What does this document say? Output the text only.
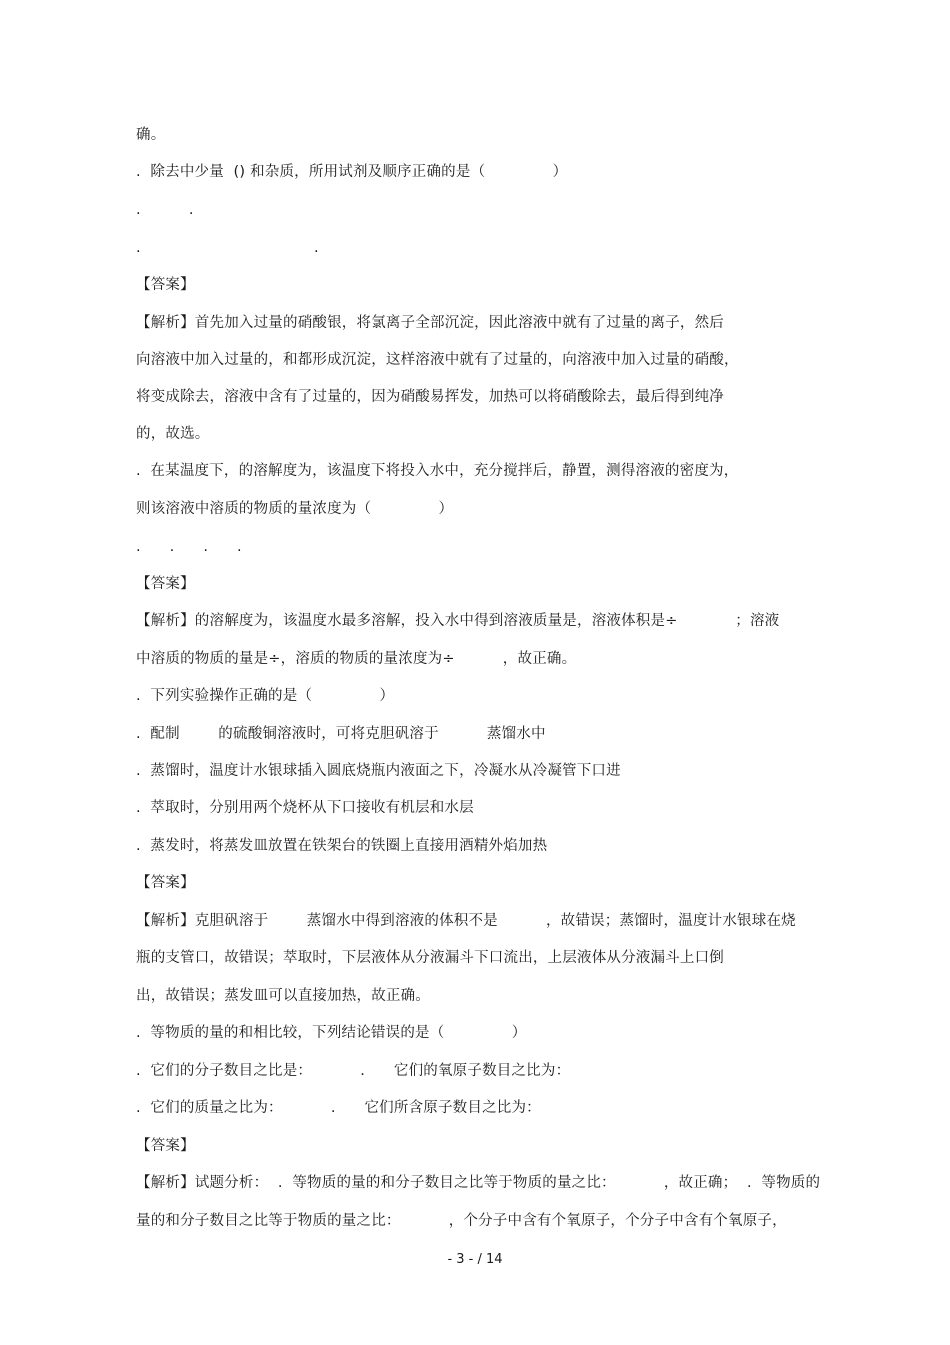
确。
.  除去中少量  () 和杂质，所用试剂及顺序正确的是（              ）
.          .
.                                    .
【答案】
【解析】首先加入过量的硝酸银，将氯离子全部沉淀，因此溶液中就有了过量的离子，然后
向溶液中加入过量的，和都形成沉淀，这样溶液中就有了过量的，向溶液中加入过量的硝酸，
将变成除去，溶液中含有了过量的，因为硝酸易挥发，加热可以将硝酸除去，最后得到纯净
的，故选。
.  在某温度下，的溶解度为，该温度下将投入水中，充分搅拌后，静置，测得溶液的密度为，
则该溶液中溶质的物质的量浓度为（              ）
.      .      .      .
【答案】
【解析】的溶解度为，该温度水最多溶解，投入水中得到溶液质量是，溶液体积是÷            ；溶液
中溶质的物质的量是÷，溶质的物质的量浓度为÷          ，故正确。
.  下列实验操作正确的是（              ）
.  配制        的硫酸铜溶液时，可将克胆矾溶于          蒸馏水中
.  蒸馏时，温度计水银球插入圆底烧瓶内液面之下，冷凝水从冷凝管下口进
.  萃取时，分别用两个烧杯从下口接收有机层和水层
.  蒸发时，将蒸发皿放置在铁架台的铁圈上直接用酒精外焰加热
【答案】
【解析】克胆矾溶于        蒸馏水中得到溶液的体积不是          ，故错误；蒸馏时，温度计水银球在烧
瓶的支管口，故错误；萃取时，下层液体从分液漏斗下口流出，上层液体从分液漏斗上口倒
出，故错误；蒸发皿可以直接加热，故正确。
.  等物质的量的和相比较，下列结论错误的是（              ）
.  它们的分子数目之比是：          .      它们的氧原子数目之比为：
.  它们的质量之比为：          .      它们所含原子数目之比为：
【答案】
【解析】试题分析：  .  等物质的量的和分子数目之比等于物质的量之比：          ，故正确；  .  等物质的
量的和分子数目之比等于物质的量之比：          ，个分子中含有个氧原子，个分子中含有个氧原子，
- 3 - / 14
